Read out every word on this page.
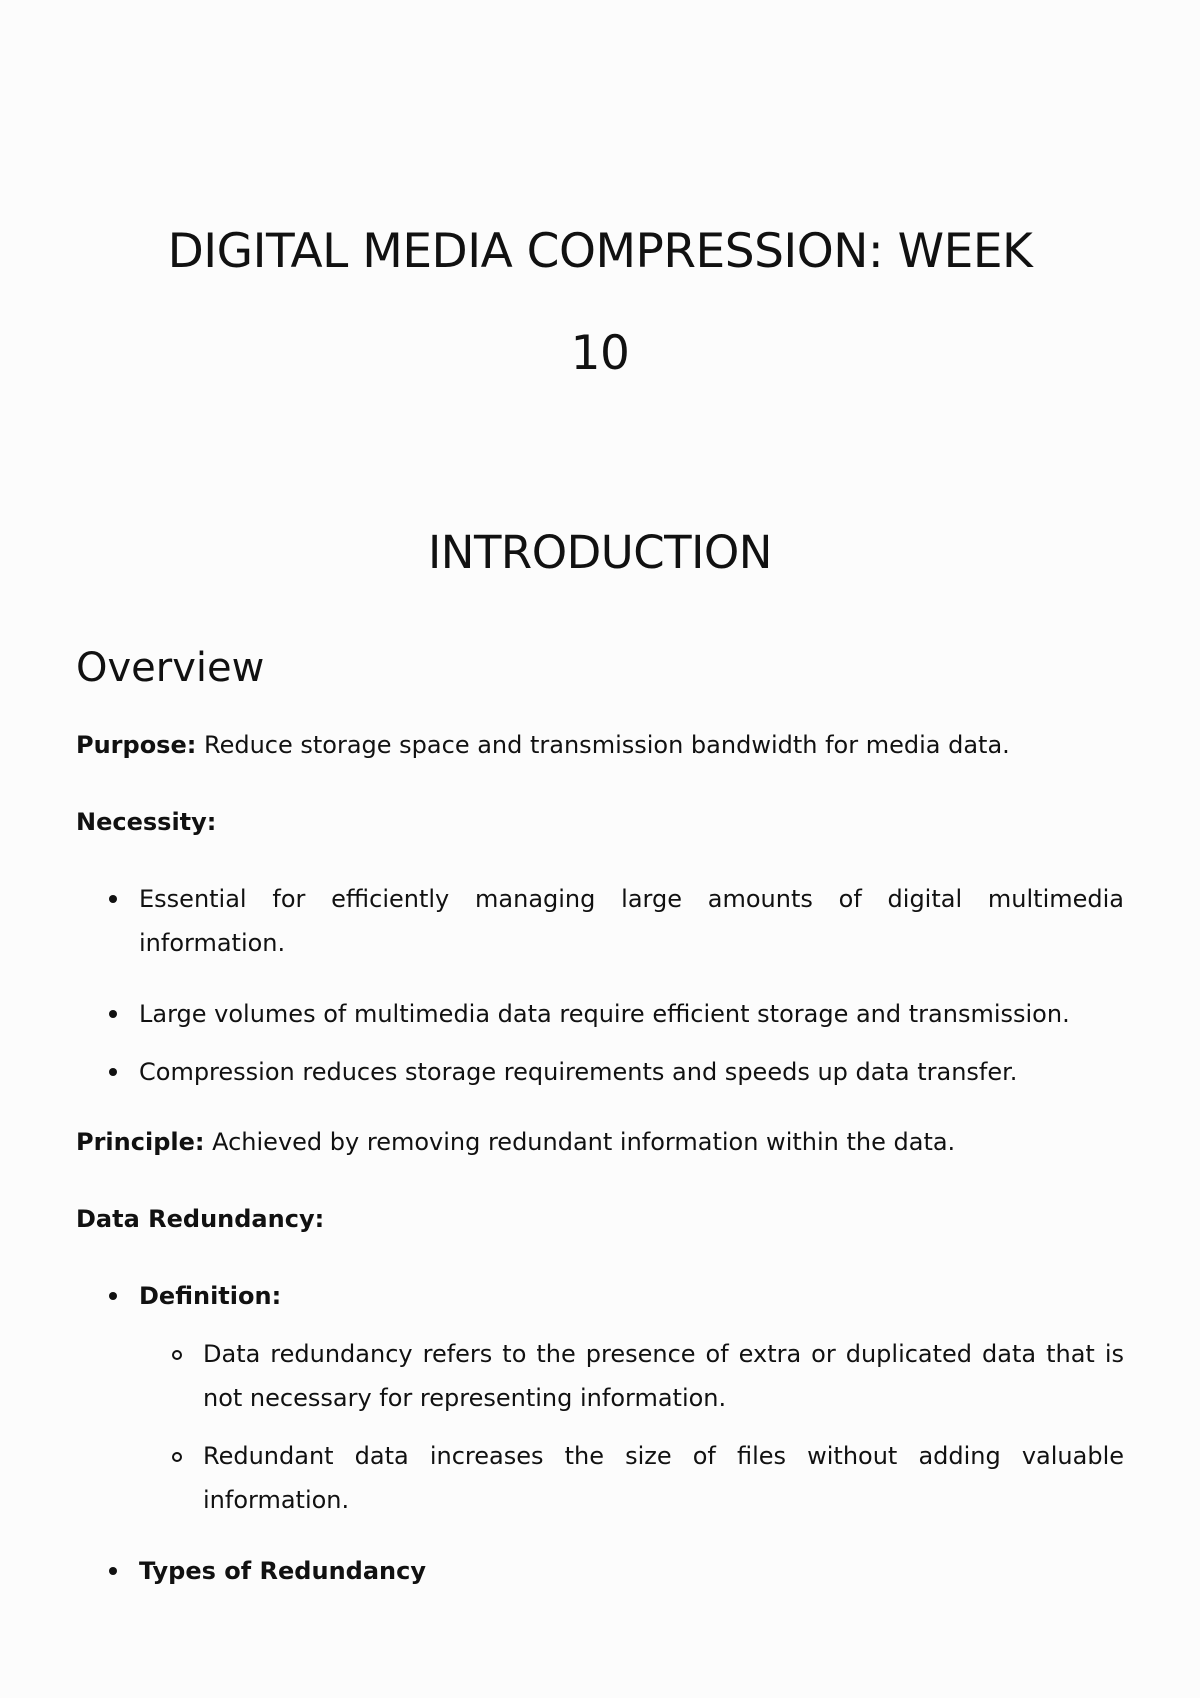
DIGITAL MEDIA COMPRESSION: WEEK
10
INTRODUCTION
Overview

Purpose: Reduce storage space and transmission bandwidth for media data.

Necessity:

Essential for efficiently managing large amounts of digital multimedia information.

Large volumes of multimedia data require efficient storage and transmission.

Compression reduces storage requirements and speeds up data transfer.

Principle: Achieved by removing redundant information within the data.

Data Redundancy:

Definition:

Data redundancy refers to the presence of extra or duplicated data that is not necessary for representing information.

Redundant data increases the size of files without adding valuable information.

Types of Redundancy
